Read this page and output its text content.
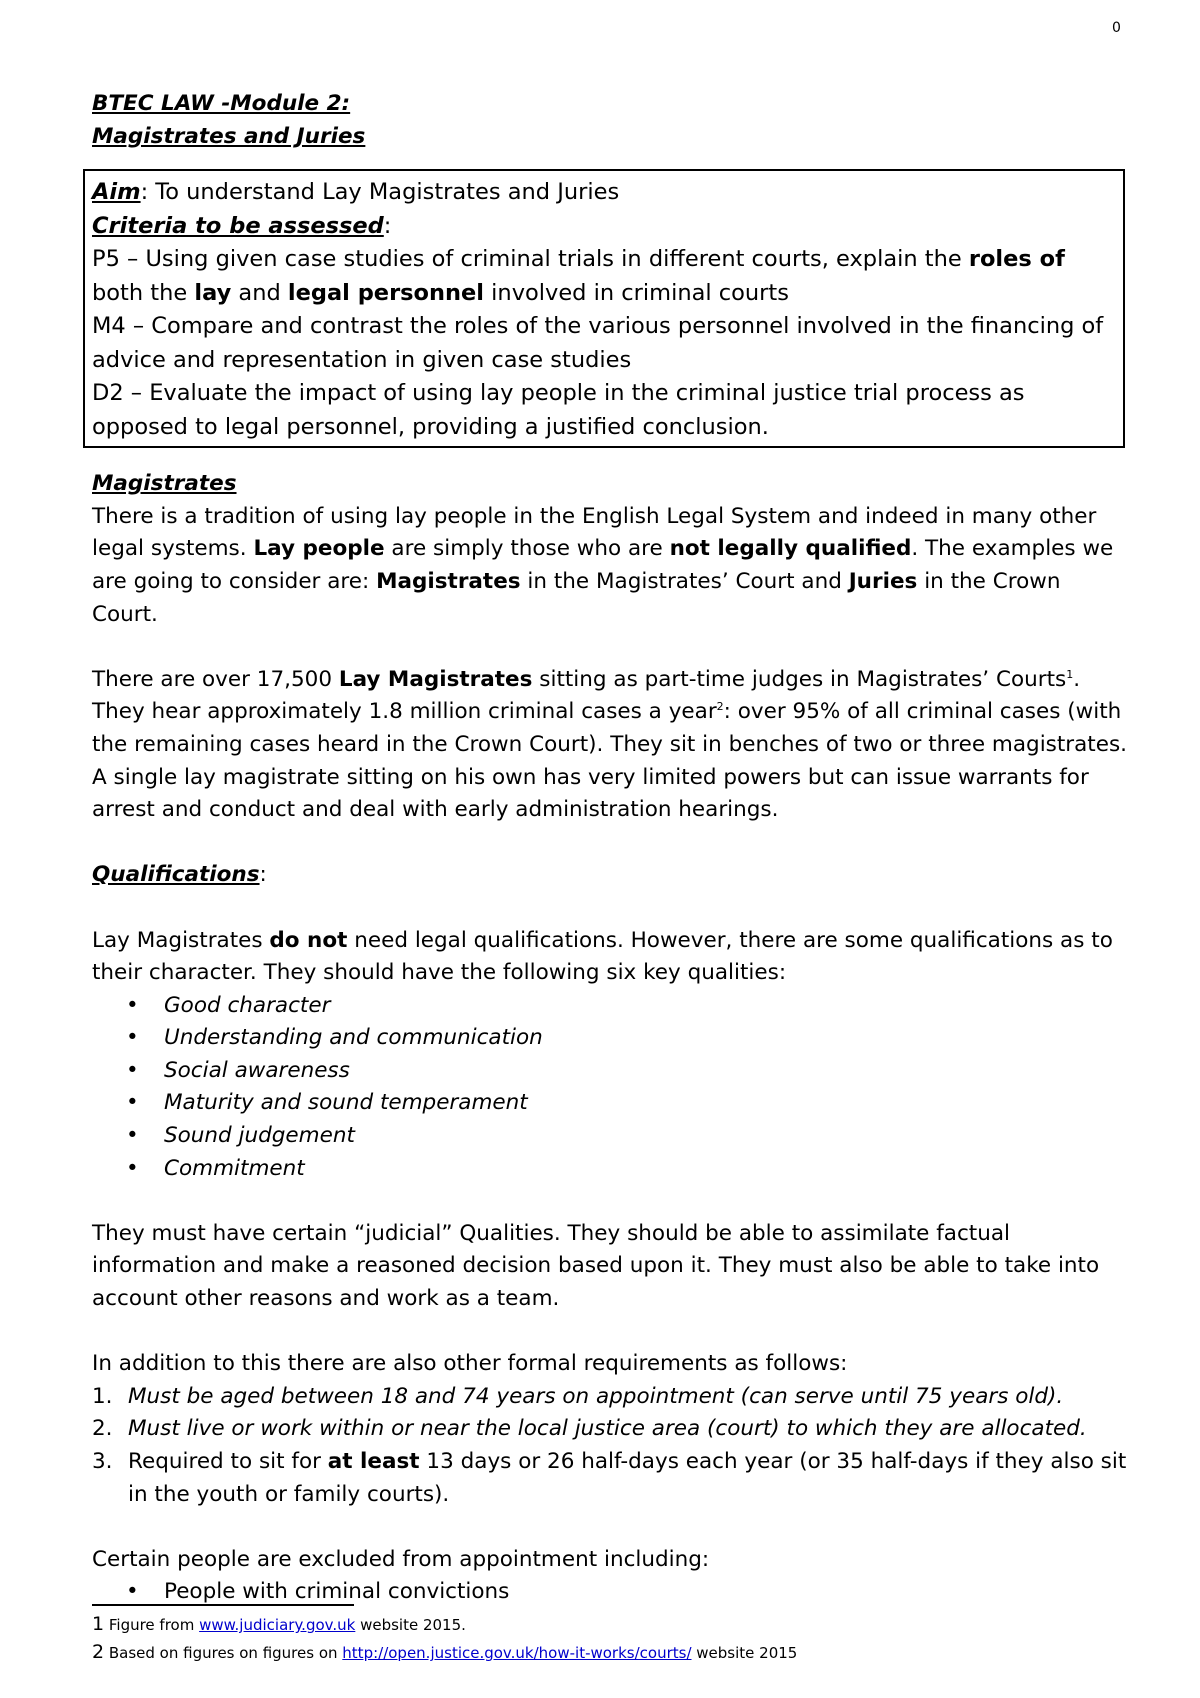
0
BTEC LAW -Module 2:
Magistrates and Juries

Aim: To understand Lay Magistrates and Juries

Criteria to be assessed:

P5 – Using given case studies of criminal trials in different courts, explain the roles of both the lay and legal personnel involved in criminal courts

M4 – Compare and contrast the roles of the various personnel involved in the financing of advice and representation in given case studies

D2 – Evaluate the impact of using lay people in the criminal justice trial process as opposed to legal personnel, providing a justified conclusion.

Magistrates

There is a tradition of using lay people in the English Legal System and indeed in many other legal systems. Lay people are simply those who are not legally qualified. The examples we are going to consider are: Magistrates in the Magistrates’ Court and Juries in the Crown Court.

There are over 17,500 Lay Magistrates sitting as part-time judges in Magistrates’ Courts$^1$. They hear approximately 1.8 million criminal cases a year$^2$: over 95% of all criminal cases (with the remaining cases heard in the Crown Court). They sit in benches of two or three magistrates. A single lay magistrate sitting on his own has very limited powers but can issue warrants for arrest and conduct and deal with early administration hearings.

Qualifications:

Lay Magistrates do not need legal qualifications. However, there are some qualifications as to their character. They should have the following six key qualities:

• Good character
• Understanding and communication
• Social awareness
• Maturity and sound temperament
• Sound judgement
• Commitment

They must have certain “judicial” Qualities. They should be able to assimilate factual information and make a reasoned decision based upon it. They must also be able to take into account other reasons and work as a team.

In addition to this there are also other formal requirements as follows:

1. Must be aged between 18 and 74 years on appointment (can serve until 75 years old).
2. Must live or work within or near the local justice area (court) to which they are allocated.
3. Required to sit for at least 13 days or 26 half-days each year (or 35 half-days if they also sit in the youth or family courts).

Certain people are excluded from appointment including:

• People with criminal convictions
1 Figure from www.judiciary.gov.uk website 2015.
2 Based on figures on figures on http://open.justice.gov.uk/how-it-works/courts/ website 2015
